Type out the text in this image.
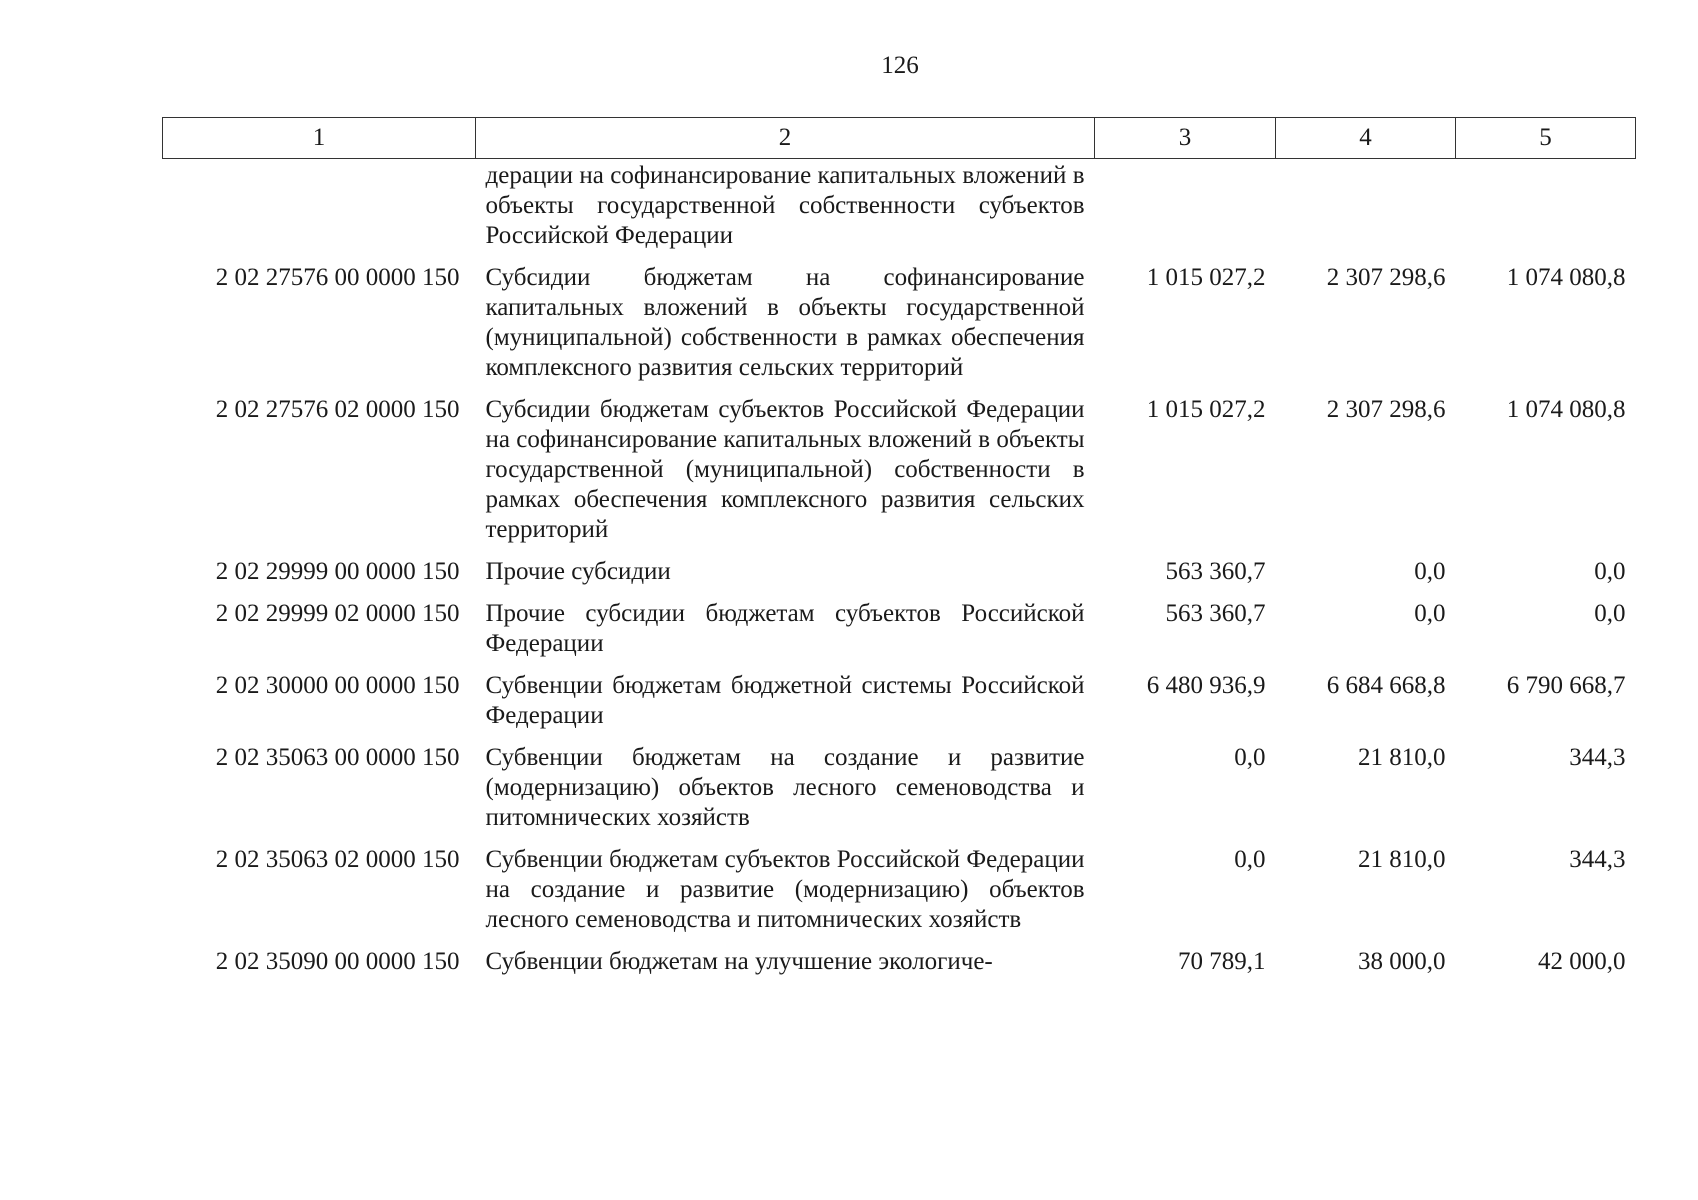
126
1	2	3	4	5
	дерации на софинансирование капитальных вложений в объекты государственной собственности субъектов Российской Федерации			
2 02 27576 00 0000 150	Субсидии бюджетам на софинансирование капитальных вложений в объекты государственной (муниципальной) собственности в рамках обеспечения комплексного развития сельских территорий	1 015 027,2	2 307 298,6	1 074 080,8
2 02 27576 02 0000 150	Субсидии бюджетам субъектов Российской Федерации на софинансирование капитальных вложений в объекты государственной (муниципальной) собственности в рамках обеспечения комплексного развития сельских территорий	1 015 027,2	2 307 298,6	1 074 080,8
2 02 29999 00 0000 150	Прочие субсидии	563 360,7	0,0	0,0
2 02 29999 02 0000 150	Прочие субсидии бюджетам субъектов Российской Федерации	563 360,7	0,0	0,0
2 02 30000 00 0000 150	Субвенции бюджетам бюджетной системы Российской Федерации	6 480 936,9	6 684 668,8	6 790 668,7
2 02 35063 00 0000 150	Субвенции бюджетам на создание и развитие (модернизацию) объектов лесного семеноводства и питомнических хозяйств	0,0	21 810,0	344,3
2 02 35063 02 0000 150	Субвенции бюджетам субъектов Российской Федерации на создание и развитие (модернизацию) объектов лесного семеноводства и питомнических хозяйств	0,0	21 810,0	344,3
2 02 35090 00 0000 150	Субвенции бюджетам на улучшение экологиче-	70 789,1	38 000,0	42 000,0
